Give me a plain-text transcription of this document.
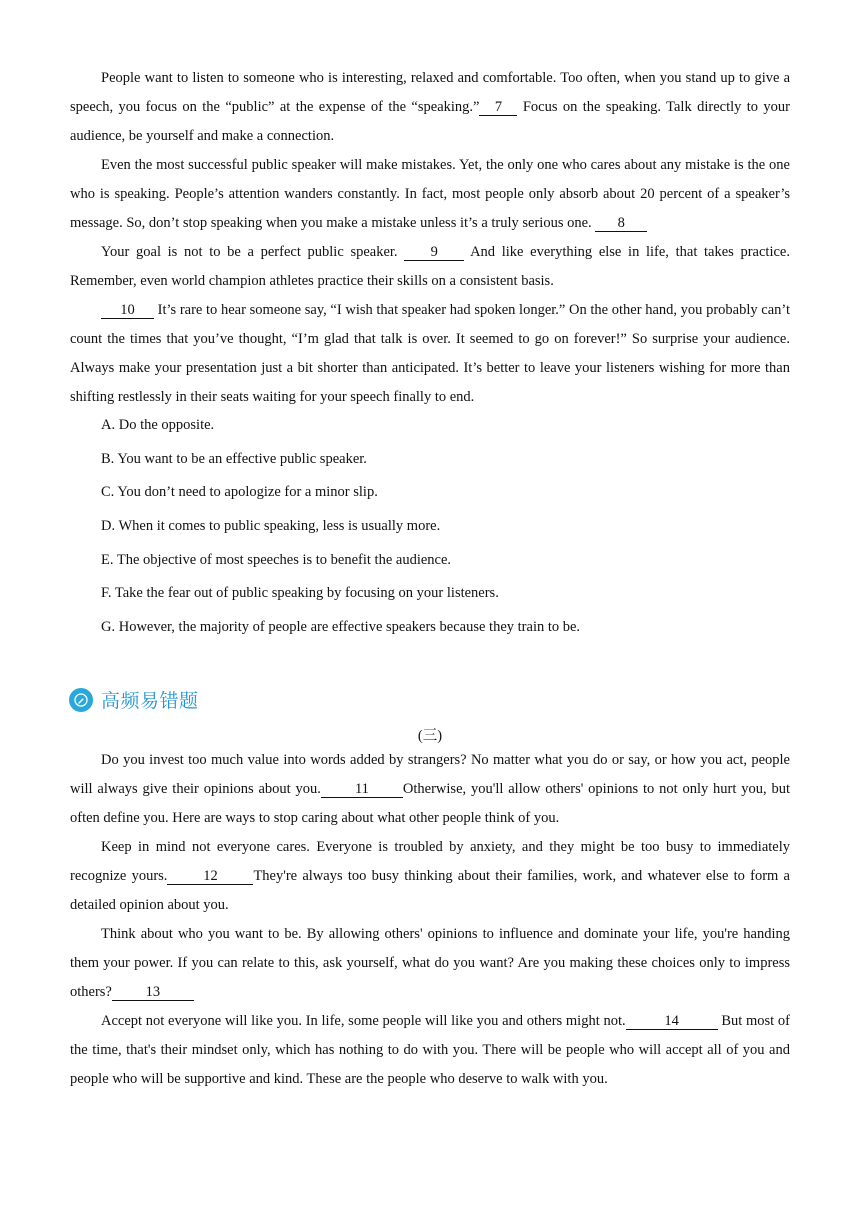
People want to listen to someone who is interesting, relaxed and comfortable. Too often, when you stand up to give a speech, you focus on the “public” at the expense of the “speaking.” 7 Focus on the speaking. Talk directly to your audience, be yourself and make a connection.

Even the most successful public speaker will make mistakes. Yet, the only one who cares about any mistake is the one who is speaking. People’s attention wanders constantly. In fact, most people only absorb about 20 percent of a speaker’s message. So, don’t stop speaking when you make a mistake unless it’s a truly serious one. 8

Your goal is not to be a perfect public speaker. 9 And like everything else in life, that takes practice. Remember, even world champion athletes practice their skills on a consistent basis.

10 It’s rare to hear someone say, “I wish that speaker had spoken longer.” On the other hand, you probably can’t count the times that you’ve thought, “I’m glad that talk is over. It seemed to go on forever!” So surprise your audience. Always make your presentation just a bit shorter than anticipated. It’s better to leave your listeners wishing for more than shifting restlessly in their seats waiting for your speech finally to end.

A. Do the opposite.

B. You want to be an effective public speaker.

C. You don’t need to apologize for a minor slip.

D. When it comes to public speaking, less is usually more.

E. The objective of most speeches is to benefit the audience.

F. Take the fear out of public speaking by focusing on your listeners.

G. However, the majority of people are effective speakers because they train to be.

高频易错题
(三)

Do you invest too much value into words added by strangers? No matter what you do or say, or how you act, people will always give their opinions about you. 11 Otherwise, you'll allow others' opinions to not only hurt you, but often define you. Here are ways to stop caring about what other people think of you.

Keep in mind not everyone cares. Everyone is troubled by anxiety, and they might be too busy to immediately recognize yours. 12 They're always too busy thinking about their families, work, and whatever else to form a detailed opinion about you.

Think about who you want to be. By allowing others' opinions to influence and dominate your life, you're handing them your power. If you can relate to this, ask yourself, what do you want? Are you making these choices only to impress others? 13

Accept not everyone will like you. In life, some people will like you and others might not.	14	But most of the time, that's their mindset only, which has nothing to do with you. There will be people who will accept all of you and people who will be supportive and kind. These are the people who deserve to walk with you.
